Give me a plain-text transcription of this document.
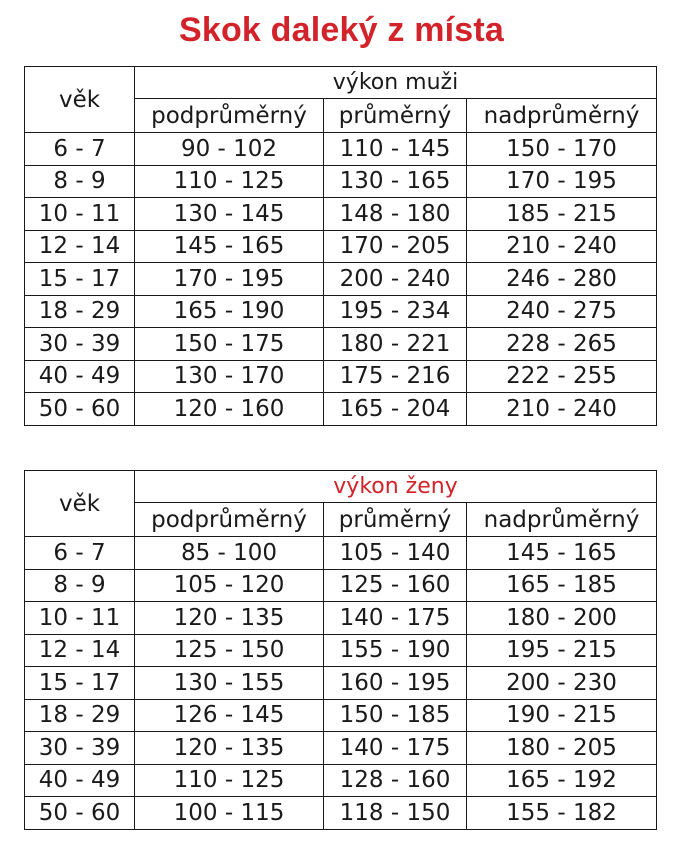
Skok daleký z místa
věk	výkon muži		
	podprůměrný	průměrný	nadprůměrný
6 - 7	90 - 102	110 - 145	150 - 170
8 - 9	110 - 125	130 - 165	170 - 195
10 - 11	130 - 145	148 - 180	185 - 215
12 - 14	145 - 165	170 - 205	210 - 240
15 - 17	170 - 195	200 - 240	246 - 280
18 - 29	165 - 190	195 - 234	240 - 275
30 - 39	150 - 175	180 - 221	228 - 265
40 - 49	130 - 170	175 - 216	222 - 255
50 - 60	120 - 160	165 - 204	210 - 240
věk	výkon ženy		
	podprůměrný	průměrný	nadprůměrný
6 - 7	85 - 100	105 - 140	145 - 165
8 - 9	105 - 120	125 - 160	165 - 185
10 - 11	120 - 135	140 - 175	180 - 200
12 - 14	125 - 150	155 - 190	195 - 215
15 - 17	130 - 155	160 - 195	200 - 230
18 - 29	126 - 145	150 - 185	190 - 215
30 - 39	120 - 135	140 - 175	180 - 205
40 - 49	110 - 125	128 - 160	165 - 192
50 - 60	100 - 115	118 - 150	155 - 182
